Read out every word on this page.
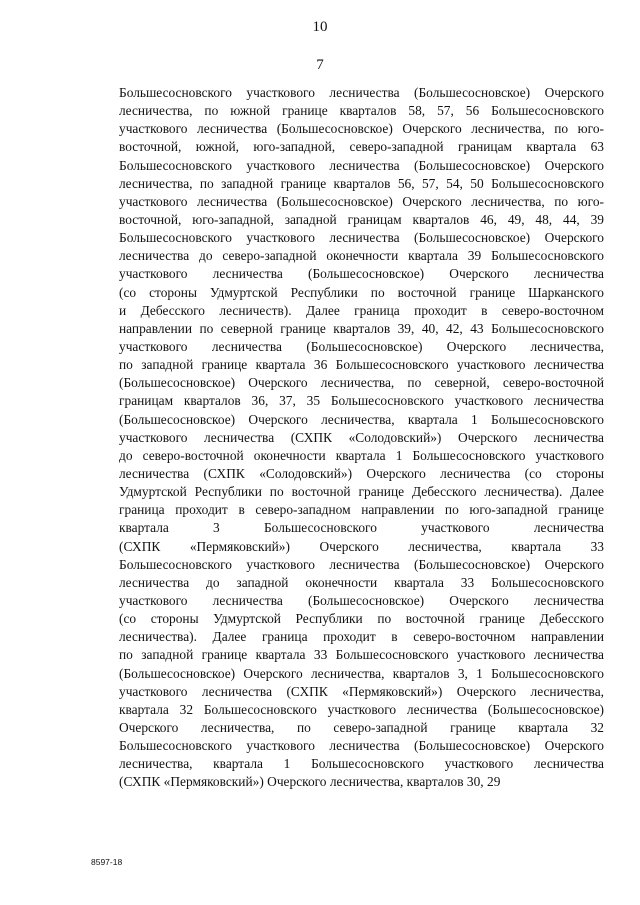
10
7
Большесосновского участкового лесничества (Большесосновское) Очерского
лесничества, по южной границе кварталов 58, 57, 56 Большесосновского
участкового лесничества (Большесосновское) Очерского лесничества, по юго-
восточной, южной, юго-западной, северо-западной границам квартала 63
Большесосновского участкового лесничества (Большесосновское) Очерского
лесничества, по западной границе кварталов 56, 57, 54, 50 Большесосновского
участкового лесничества (Большесосновское) Очерского лесничества, по юго-
восточной, юго-западной, западной границам кварталов 46, 49, 48, 44, 39
Большесосновского участкового лесничества (Большесосновское) Очерского
лесничества до северо-западной оконечности квартала 39 Большесосновского
участкового лесничества (Большесосновское) Очерского лесничества
(со стороны Удмуртской Республики по восточной границе Шарканского
и Дебесского лесничеств). Далее граница проходит в северо-восточном
направлении по северной границе кварталов 39, 40, 42, 43 Большесосновского
участкового лесничества (Большесосновское) Очерского лесничества,
по западной границе квартала 36 Большесосновского участкового лесничества
(Большесосновское) Очерского лесничества, по северной, северо-восточной
границам кварталов 36, 37, 35 Большесосновского участкового лесничества
(Большесосновское) Очерского лесничества, квартала 1 Большесосновского
участкового лесничества (СХПК «Солодовский») Очерского лесничества
до северо-восточной оконечности квартала 1 Большесосновского участкового
лесничества (СХПК «Солодовский») Очерского лесничества (со стороны
Удмуртской Республики по восточной границе Дебесского лесничества). Далее
граница проходит в северо-западном направлении по юго-западной границе
квартала 3 Большесосновского участкового лесничества
(СХПК «Пермяковский») Очерского лесничества, квартала 33
Большесосновского участкового лесничества (Большесосновское) Очерского
лесничества до западной оконечности квартала 33 Большесосновского
участкового лесничества (Большесосновское) Очерского лесничества
(со стороны Удмуртской Республики по восточной границе Дебесского
лесничества). Далее граница проходит в северо-восточном направлении
по западной границе квартала 33 Большесосновского участкового лесничества
(Большесосновское) Очерского лесничества, кварталов 3, 1 Большесосновского
участкового лесничества (СХПК «Пермяковский») Очерского лесничества,
квартала 32 Большесосновского участкового лесничества (Большесосновское)
Очерского лесничества, по северо-западной границе квартала 32
Большесосновского участкового лесничества (Большесосновское) Очерского
лесничества, квартала 1 Большесосновского участкового лесничества
(СХПК «Пермяковский») Очерского лесничества, кварталов 30, 29
8597-18
